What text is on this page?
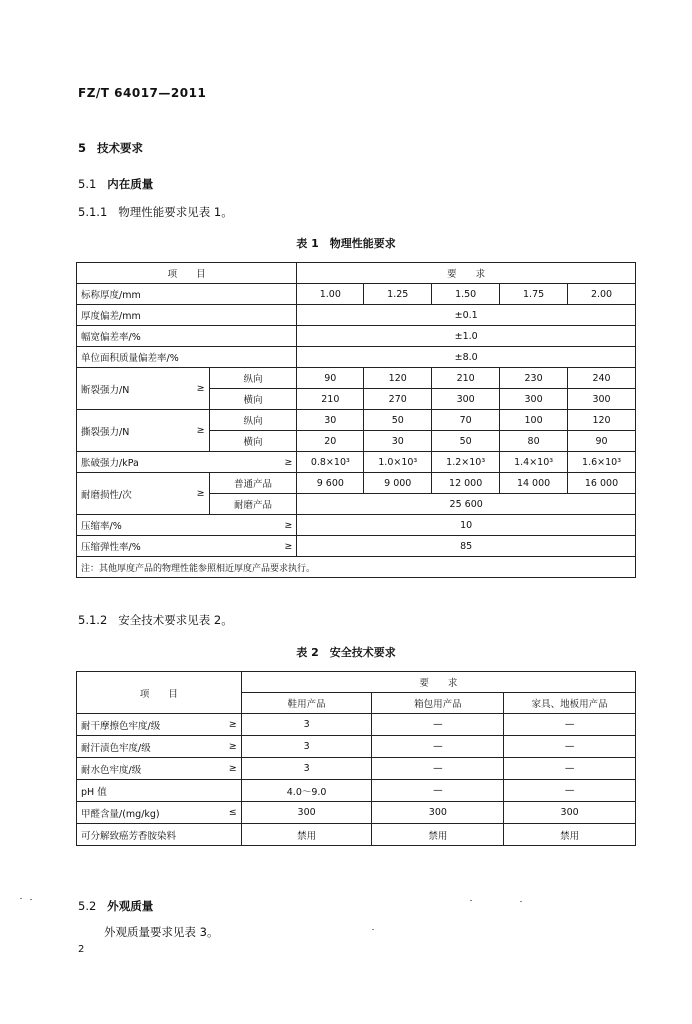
FZ/T 64017—2011
5 技术要求
5.1 内在质量
5.1.1 物理性能要求见表 1。
表 1　物理性能要求
项　　目		要　　求				
标称厚度/mm		1.00	1.25	1.50	1.75	2.00
厚度偏差/mm		±0.1				
幅宽偏差率/%		±1.0				
单位面积质量偏差率/%		±8.0				

断裂强力/N ≥	纵向	90	120	210	230	240
	横向	210	270	300	300	300

撕裂强力/N ≥	纵向	30	50	70	100	120
	横向	20	30	50	80	90

胀破强力/kPa ≥		0.8×10³	1.0×10³	1.2×10³	1.4×10³	1.6×10³

耐磨损性/次 ≥	普通产品	9 600	9 000	12 000	14 000	16 000
	耐磨产品	25 600				

压缩率/% ≥		10				

压缩弹性率/% ≥		85				
注：其他厚度产品的物理性能参照相近厚度产品要求执行。						
5.1.2 安全技术要求见表 2。
表 2　安全技术要求
项　　目	要　　求		
	鞋用产品	箱包用产品	家具、地板用产品

耐干摩擦色牢度/级 ≥	3	—	—

耐汗渍色牢度/级 ≥	3	—	—

耐水色牢度/级 ≥	3	—	—

pH 值	4.0～9.0	—	—

甲醛含量/(mg/kg) ≤	300	300	300

可分解致癌芳香胺染料	禁用	禁用	禁用
5.2 外观质量
外观质量要求见表 3。
2
